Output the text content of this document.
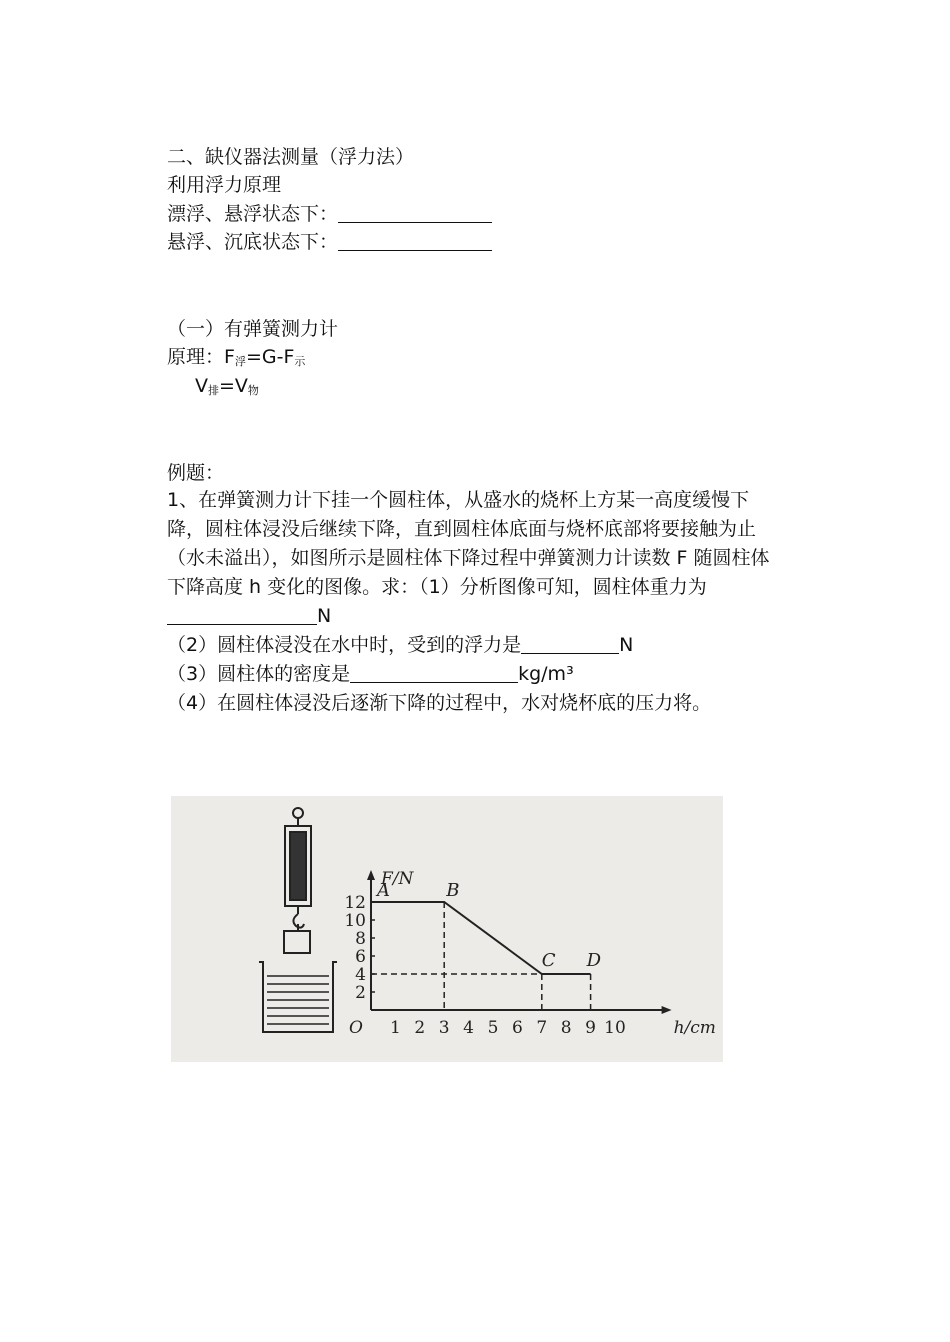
二、缺仪器法测量（浮力法）
利用浮力原理
漂浮、悬浮状态下：
悬浮、沉底状态下：
（一）有弹簧测力计
原理：F浮=G-F示
V排=V物
例题：

1、在弹簧测力计下挂一个圆柱体，从盛水的烧杯上方某一高度缓慢下降，圆柱体浸没后继续下降，直到圆柱体底面与烧杯底部将要接触为止（水未溢出），如图所示是圆柱体下降过程中弹簧测力计读数 F 随圆柱体下降高度 h 变化的图像。求：（1）分析图像可知，圆柱体重力为N

（2）圆柱体浸没在水中时，受到的浮力是	N

（3）圆柱体的密度是	kg/m³

（4）在圆柱体浸没后逐渐下降的过程中，水对烧杯底的压力将。

F/N
h/cm
O 1 2 3 4 5 6 7 8 9 10
2
4
6
8
10
12
A	B
C D
